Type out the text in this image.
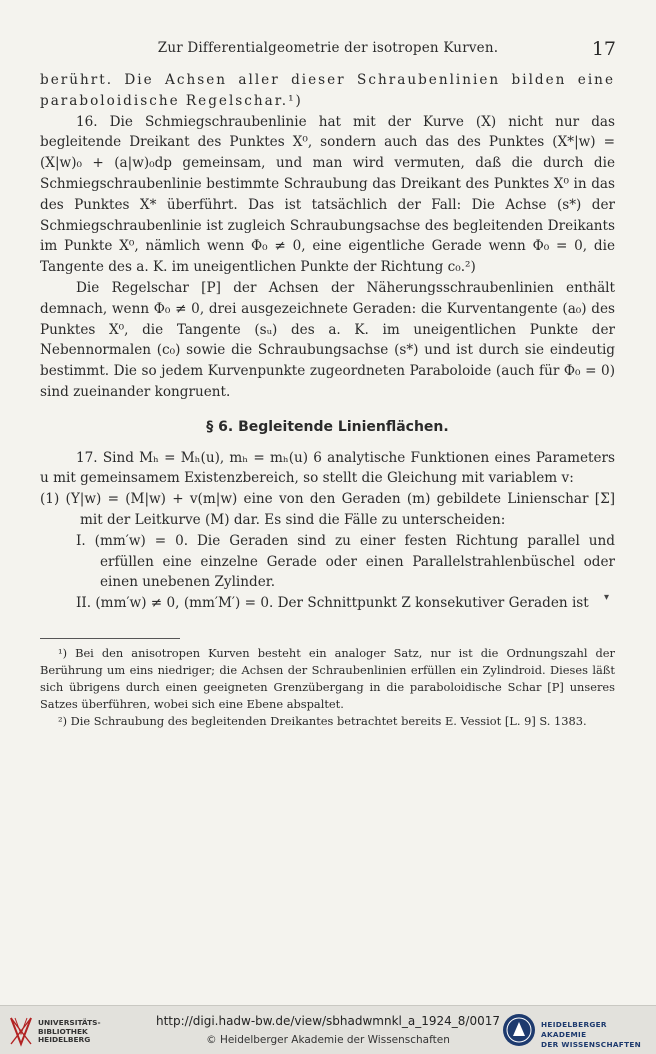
Zur Differentialgeometrie der isotropen Kurven.	17

berührt. Die Achsen aller dieser Schraubenlinien bilden eine paraboloidische Regelschar.¹)

16. Die Schmiegschraubenlinie hat mit der Kurve (X) nicht nur das begleitende Dreikant des Punktes X⁰, sondern auch das des Punktes (X*|w) = (X|w)₀ + (a|w)₀dp gemeinsam, und man wird vermuten, daß die durch die Schmiegschraubenlinie bestimmte Schraubung das Dreikant des Punktes X⁰ in das des Punktes X* überführt. Das ist tatsächlich der Fall: Die Achse (s*) der Schmiegschraubenlinie ist zugleich Schraubungsachse des begleitenden Dreikants im Punkte X⁰, nämlich wenn Φ₀ ≠ 0, eine eigentliche Gerade wenn Φ₀ = 0, die Tangente des a. K. im uneigentlichen Punkte der Richtung c₀.²)

Die Regelschar [P] der Achsen der Näherungsschraubenlinien enthält demnach, wenn Φ₀ ≠ 0, drei ausgezeichnete Geraden: die Kurventangente (a₀) des Punktes X⁰, die Tangente (sᵤ) des a. K. im uneigentlichen Punkte der Nebennormalen (c₀) sowie die Schraubungsachse (s*) und ist durch sie eindeutig bestimmt. Die so jedem Kurvenpunkte zugeordneten Paraboloide (auch für Φ₀ = 0) sind zueinander kongruent.

§ 6. Begleitende Linienflächen.

17. Sind Mₕ = Mₕ(u), mₕ = mₕ(u) 6 analytische Funktionen eines Parameters u mit gemeinsamem Existenzbereich, so stellt die Gleichung mit variablem v:

(1) (Y|w) = (M|w) + v(m|w) eine von den Geraden (m) gebildete Linienschar [Σ] mit der Leitkurve (M) dar. Es sind die Fälle zu unterscheiden:

I. (mm′w) = 0. Die Geraden sind zu einer festen Richtung parallel und erfüllen eine einzelne Gerade oder einen Parallelstrahlenbüschel oder einen unebenen Zylinder.

II. (mm′w) ≠ 0, (mm′M′) = 0. Der Schnittpunkt Z konsekutiver Geraden ist

¹) Bei den anisotropen Kurven besteht ein analoger Satz, nur ist die Ordnungszahl der Berührung um eins niedriger; die Achsen der Schraubenlinien erfüllen ein Zylindroid. Dieses läßt sich übrigens durch einen geeigneten Grenzübergang in die paraboloidische Schar [P] unseres Satzes überführen, wobei sich eine Ebene abspaltet.

²) Die Schraubung des begleitenden Dreikantes betrachtet bereits E. Vessiot [L. 9] S. 1383.

▾
UNIVERSITÄTS-
BIBLIOTHEK
HEIDELBERG
http://digi.hadw-bw.de/view/sbhadwmnkl_a_1924_8/0017
© Heidelberger Akademie der Wissenschaften
HEIDELBERGER AKADEMIE
DER WISSENSCHAFTEN
